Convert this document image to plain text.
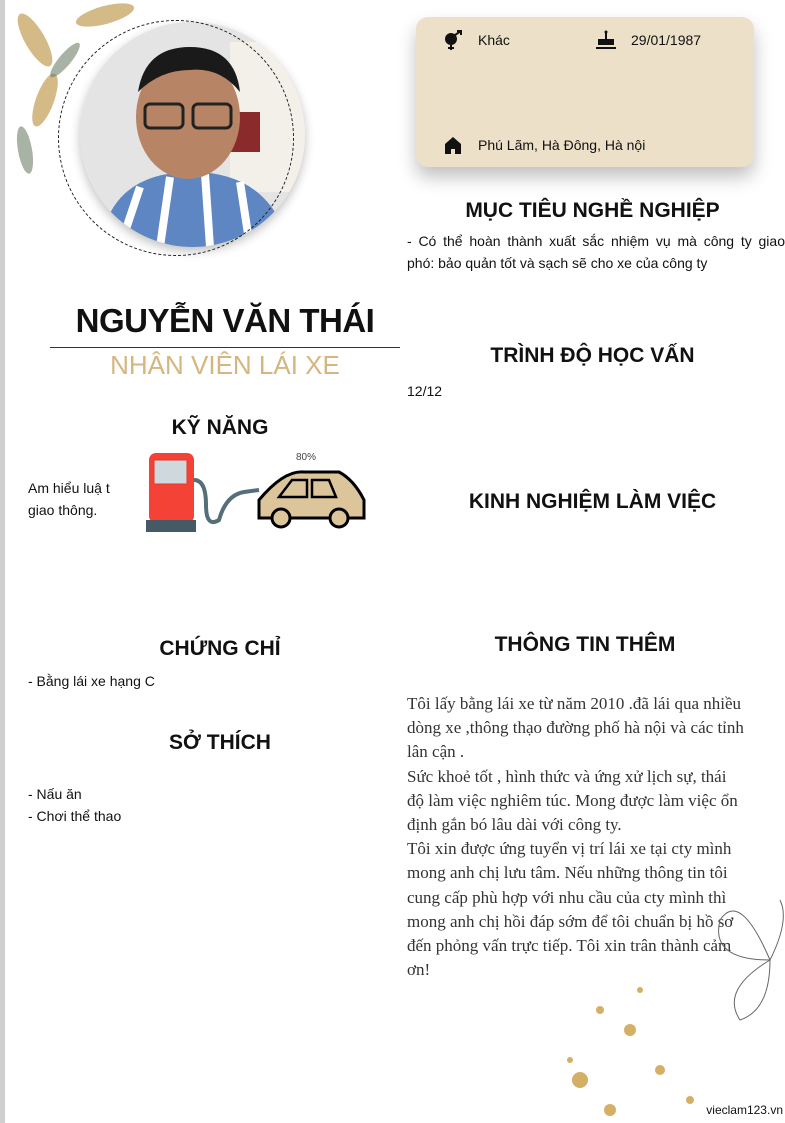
NGUYỄN VĂN THÁI
NHÂN VIÊN LÁI XE
Khác	29/01/1987
Phú Lãm, Hà Đông, Hà nội
MỤC TIÊU NGHỀ NGHIỆP
- Có thể hoàn thành xuất sắc nhiệm vụ mà công ty giao
phó: bảo quản tốt và sạch sẽ cho xe của công ty
TRÌNH ĐỘ HỌC VẤN
12/12
KINH NGHIỆM LÀM VIỆC
THÔNG TIN THÊM
Tôi lấy bằng lái xe từ năm 2010 .đã lái qua nhiều
dòng xe ,thông thạo đường phố hà nội và các tỉnh
lân cận .
Sức khoẻ tốt , hình thức và ứng xử lịch sự, thái
độ làm việc nghiêm túc. Mong được làm việc ổn
định gắn bó lâu dài với công ty.
Tôi xin được ứng tuyển vị trí lái xe tại cty mình
mong anh chị lưu tâm. Nếu những thông tin tôi
cung cấp phù hợp với nhu cầu của cty mình thì
mong anh chị hồi đáp sớm để tôi chuẩn bị hồ sơ
đến phỏng vấn trực tiếp. Tôi xin trân thành cảm
ơn!
KỸ NĂNG
Am hiểu luậ t
giao thông.
80%
CHỨNG CHỈ
- Bằng lái xe hạng C
SỞ THÍCH
- Nấu ăn
- Chơi thể thao
vieclam123.vn
